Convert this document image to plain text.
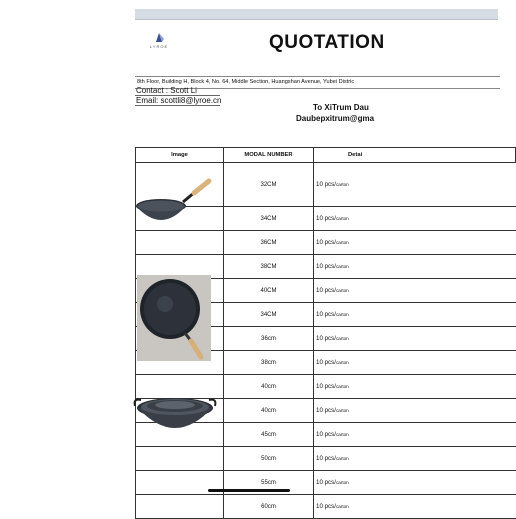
LYROE	QUOTATION
8th Floor, Building H, Block 4, No. 64, Middle Section, Huangshan Avenue, Yubei Distric
Contact : Scott Li
Email: scottli8@lyroe.cn
To XiTrum Dau
Daubepxitrum@gma
Image	MODAL NUMBER	Detai
	32CM	10 pcs/carton
	34CM	10 pcs/carton
	36CM	10 pcs/carton
	38CM	10 pcs/carton
	40CM	10 pcs/carton
	34CM	10 pcs/carton
	36cm	10 pcs/carton
	38cm	10 pcs/carton
	40cm	10 pcs/carton
	40cm	10 pcs/carton
	45cm	10 pcs/carton
	50cm	10 pcs/carton
	55cm	10 pcs/carton
	60cm	10 pcs/carton
